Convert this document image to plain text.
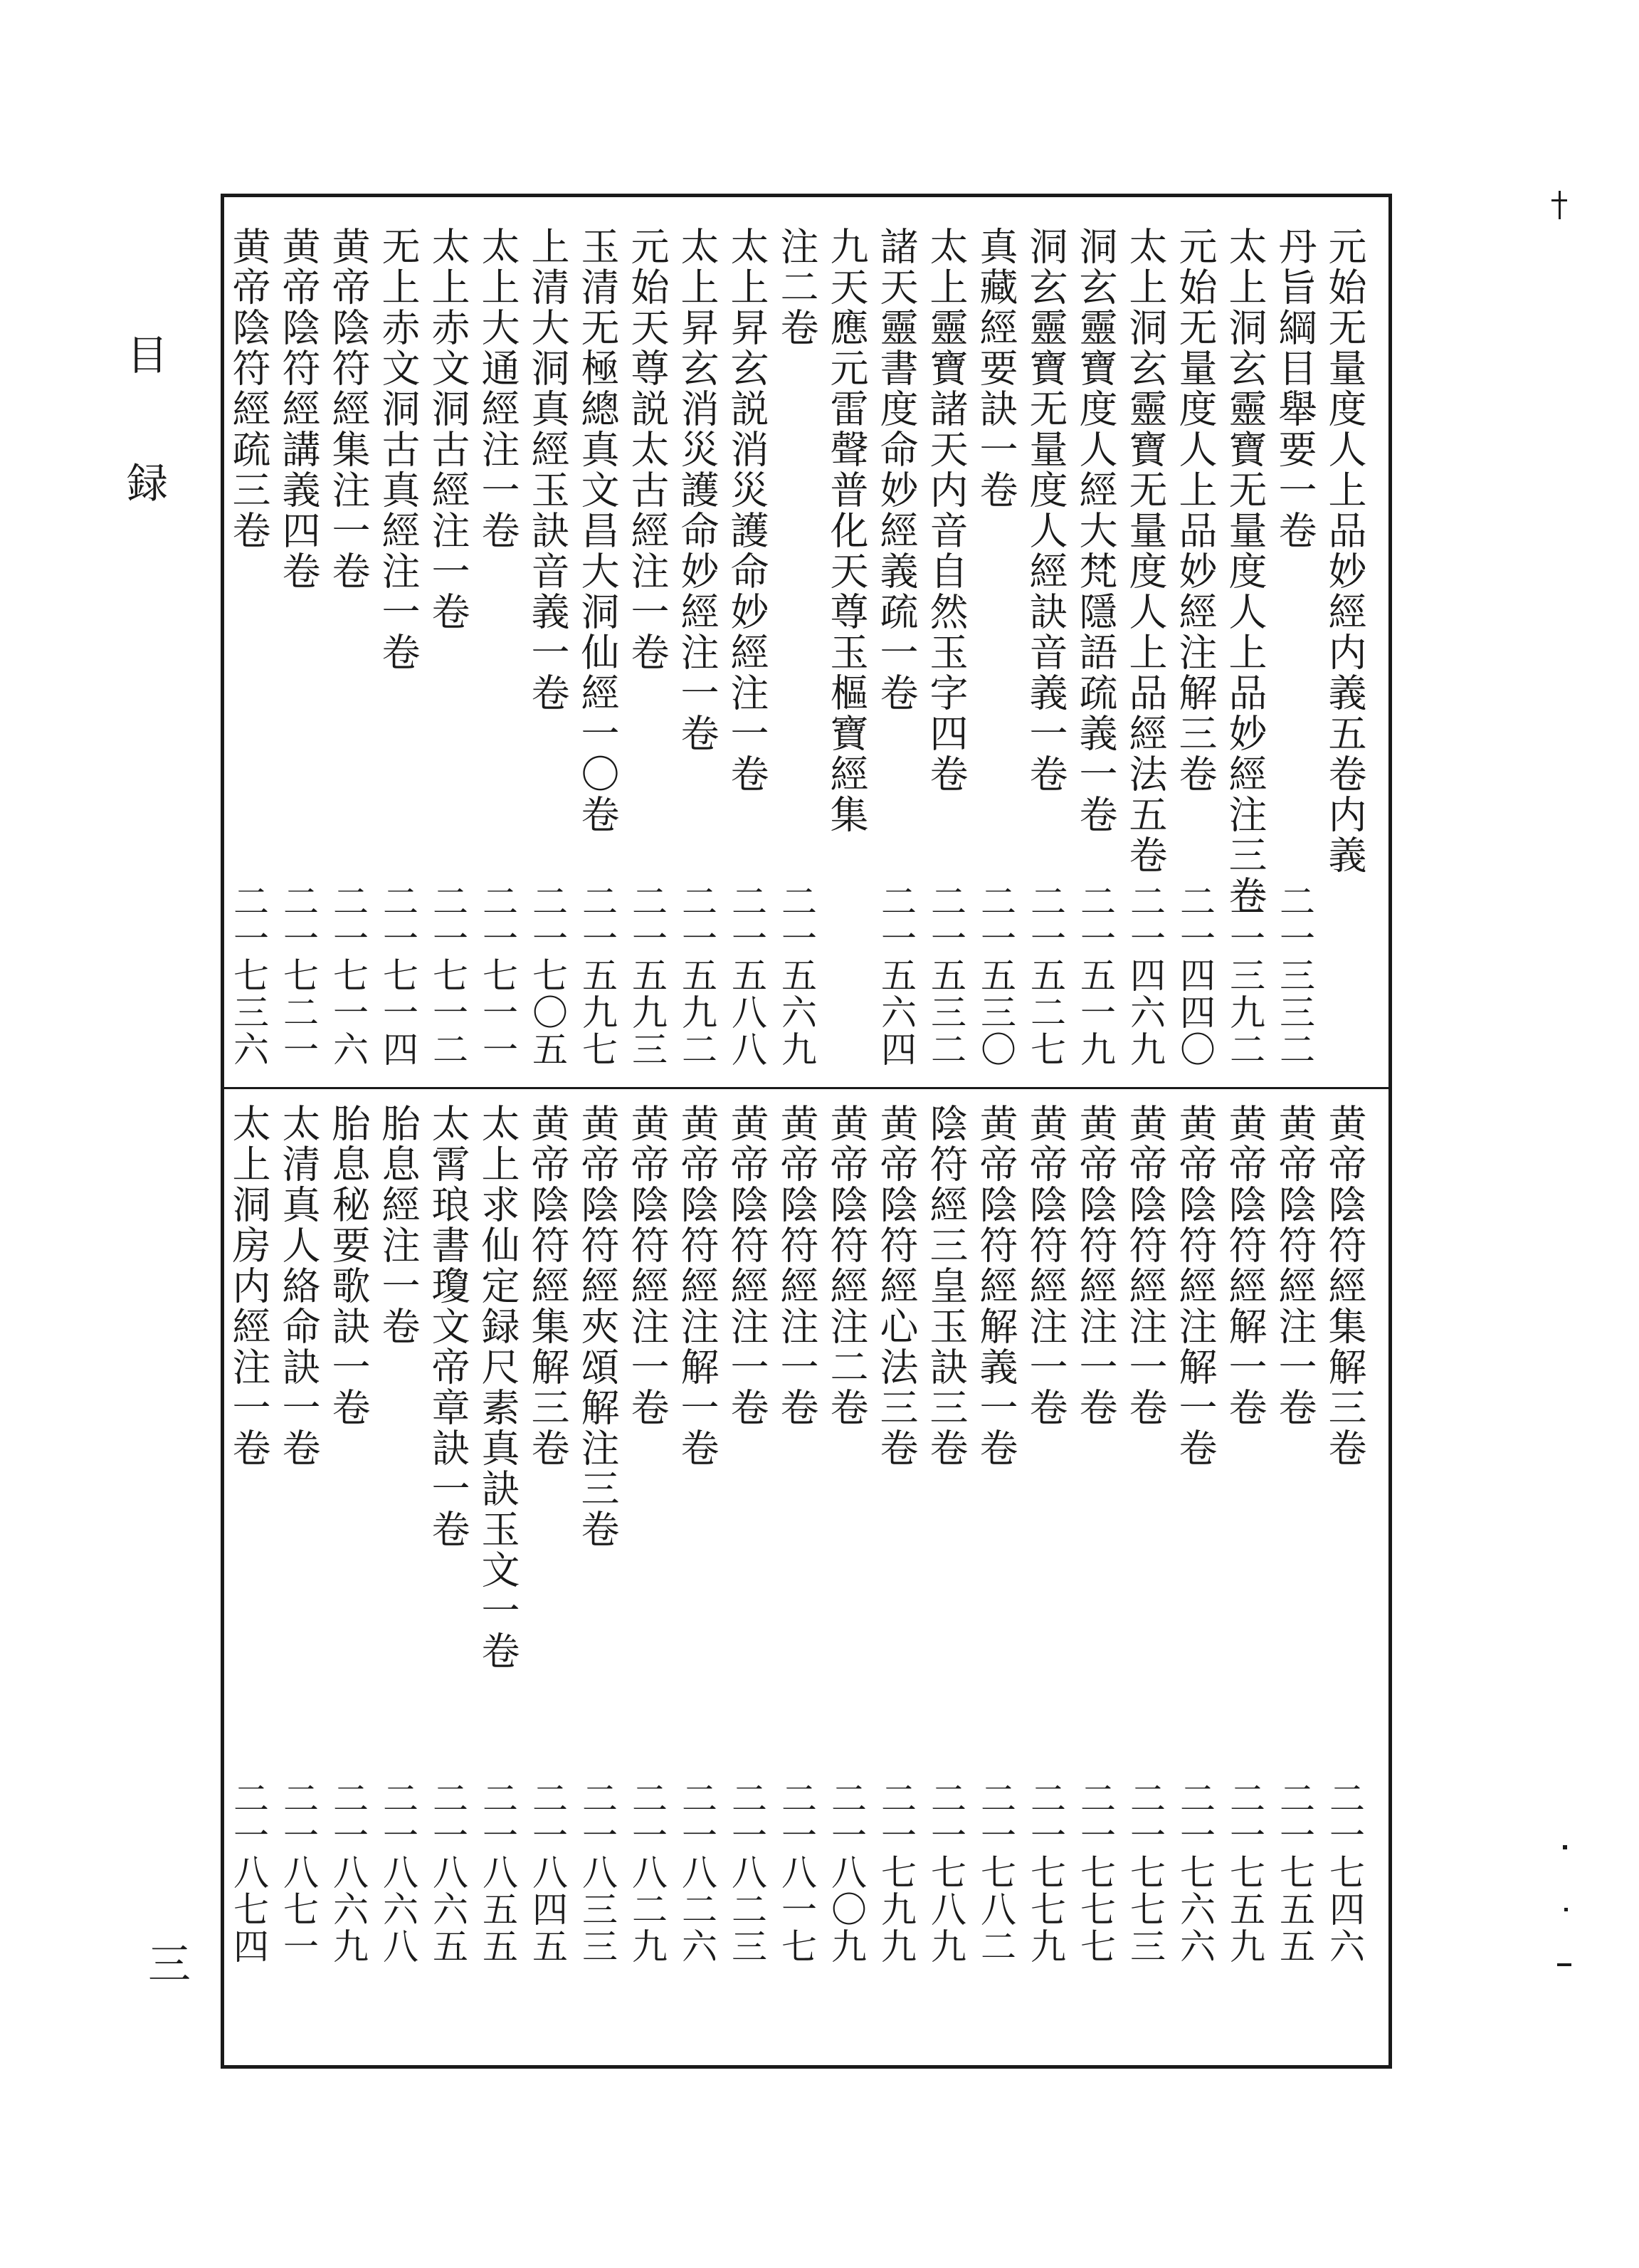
目
録
三
元始无量度人上品妙經内義五卷内義
丹旨綱目舉要一卷
太上洞玄靈寶无量度人上品妙經注三卷
元始无量度人上品妙經注解三卷
太上洞玄靈寶无量度人上品經法五卷
洞玄靈寶度人經大梵隱語疏義一卷
洞玄靈寶无量度人經訣音義一卷
真藏經要訣一卷
太上靈寶諸天内音自然玉字四卷
諸天靈書度命妙經義疏一卷
九天應元雷聲普化天尊玉樞寶經集
注二卷
太上昇玄説消災護命妙經注一卷
太上昇玄消災護命妙經注一卷
元始天尊説太古經注一卷
玉清无極總真文昌大洞仙經一〇卷
上清大洞真經玉訣音義一卷
太上大通經注一卷
太上赤文洞古經注一卷
无上赤文洞古真經注一卷
黄帝陰符經集注一卷
黄帝陰符經講義四卷
黄帝陰符經疏三卷
二一三三二
二一三九二
二一四四〇
二一四六九
二一五一九
二一五二七
二一五三〇
二一五三二
二一五六四
二一五六九
二一五八八
二一五九二
二一五九三
二一五九七
二一七〇五
二一七一一
二一七一二
二一七一四
二一七一六
二一七二一
二一七三六
黄帝陰符經集解三卷
黄帝陰符經注一卷
黄帝陰符經解一卷
黄帝陰符經注解一卷
黄帝陰符經注一卷
黄帝陰符經注一卷
黄帝陰符經注一卷
黄帝陰符經解義一卷
陰符經三皇玉訣三卷
黄帝陰符經心法三卷
黄帝陰符經注二卷
黄帝陰符經注一卷
黄帝陰符經注一卷
黄帝陰符經注解一卷
黄帝陰符經注一卷
黄帝陰符經夾頌解注三卷
黄帝陰符經集解三卷
太上求仙定録尺素真訣玉文一卷
太霄琅書瓊文帝章訣一卷
胎息經注一卷
胎息秘要歌訣一卷
太清真人絡命訣一卷
太上洞房内經注一卷
二一七四六
二一七五五
二一七五九
二一七六六
二一七七三
二一七七七
二一七七九
二一七八二
二一七八九
二一七九九
二一八〇九
二一八一七
二一八二三
二一八二六
二一八二九
二一八三三
二一八四五
二一八五五
二一八六五
二一八六八
二一八六九
二一八七一
二一八七四
